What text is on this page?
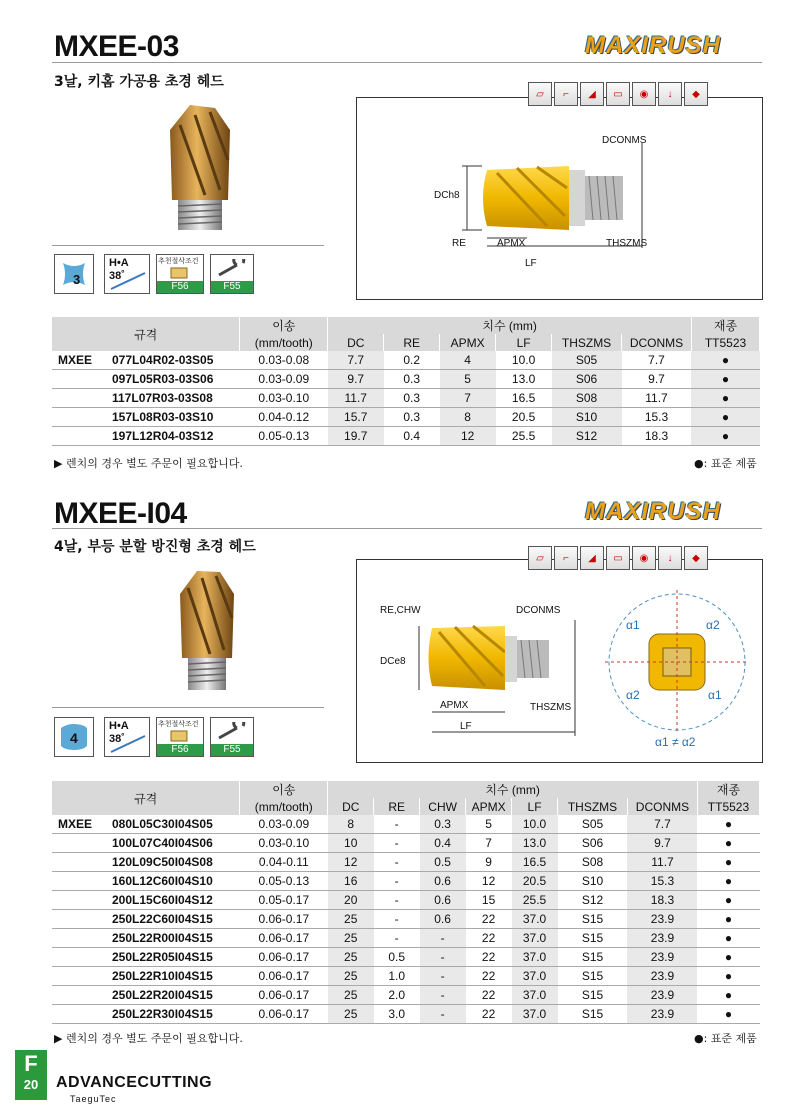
MXEE-03	MAXIRUSH
3날, 키홈 가공용 초경 헤드
3
H•A
38˚
추천절삭조건
F56	F55
▱	⌐	◢	▭	◉	↓	◆
DCONMS
DCh8
RE	APMX
LF
THSZMS
규격	이송	치수 (mm)						재종
	(mm/tooth)	DC	RE	APMX	LF	THSZMS	DCONMS	TT5523
MXEE 077L04R02-03S05	0.03-0.08	7.7	0.2	4	10.0	S05	7.7	●
097L05R03-03S06	0.03-0.09	9.7	0.3	5	13.0	S06	9.7	●
117L07R03-03S08	0.03-0.10	11.7	0.3	7	16.5	S08	11.7	●
157L08R03-03S10	0.04-0.12	15.7	0.3	8	20.5	S10	15.3	●
197L12R04-03S12	0.05-0.13	19.7	0.4	12	25.5	S12	18.3	●
▶ 렌치의 경우 별도 주문이 필요합니다.	●: 표준 제품
MXEE-I04	MAXIRUSH
4날, 부등 분할 방진형 초경 헤드
4
H•A
38˚
추천절삭조건
F56	F55
▱	⌐	◢	▭	◉	↓	◆
RE,CHW	DCONMS
DCe8
APMX
LF
THSZMS
α1	α2
α2	α1
α1 ≠ α2
규격	이송	치수 (mm)							재종
	(mm/tooth)	DC	RE	CHW	APMX	LF	THSZMS	DCONMS	TT5523
MXEE 080L05C30I04S05	0.03-0.09	8	-	0.3	5	10.0	S05	7.7	●
100L07C40I04S06	0.03-0.10	10	-	0.4	7	13.0	S06	9.7	●
120L09C50I04S08	0.04-0.11	12	-	0.5	9	16.5	S08	11.7	●
160L12C60I04S10	0.05-0.13	16	-	0.6	12	20.5	S10	15.3	●
200L15C60I04S12	0.05-0.17	20	-	0.6	15	25.5	S12	18.3	●
250L22C60I04S15	0.06-0.17	25	-	0.6	22	37.0	S15	23.9	●
250L22R00I04S15	0.06-0.17	25	-	-	22	37.0	S15	23.9	●
250L22R05I04S15	0.06-0.17	25	0.5	-	22	37.0	S15	23.9	●
250L22R10I04S15	0.06-0.17	25	1.0	-	22	37.0	S15	23.9	●
250L22R20I04S15	0.06-0.17	25	2.0	-	22	37.0	S15	23.9	●
250L22R30I04S15	0.06-0.17	25	3.0	-	22	37.0	S15	23.9	●
▶ 렌치의 경우 별도 주문이 필요합니다.	●: 표준 제품
F
20	ADVANCECUTTING
TaeguTec
